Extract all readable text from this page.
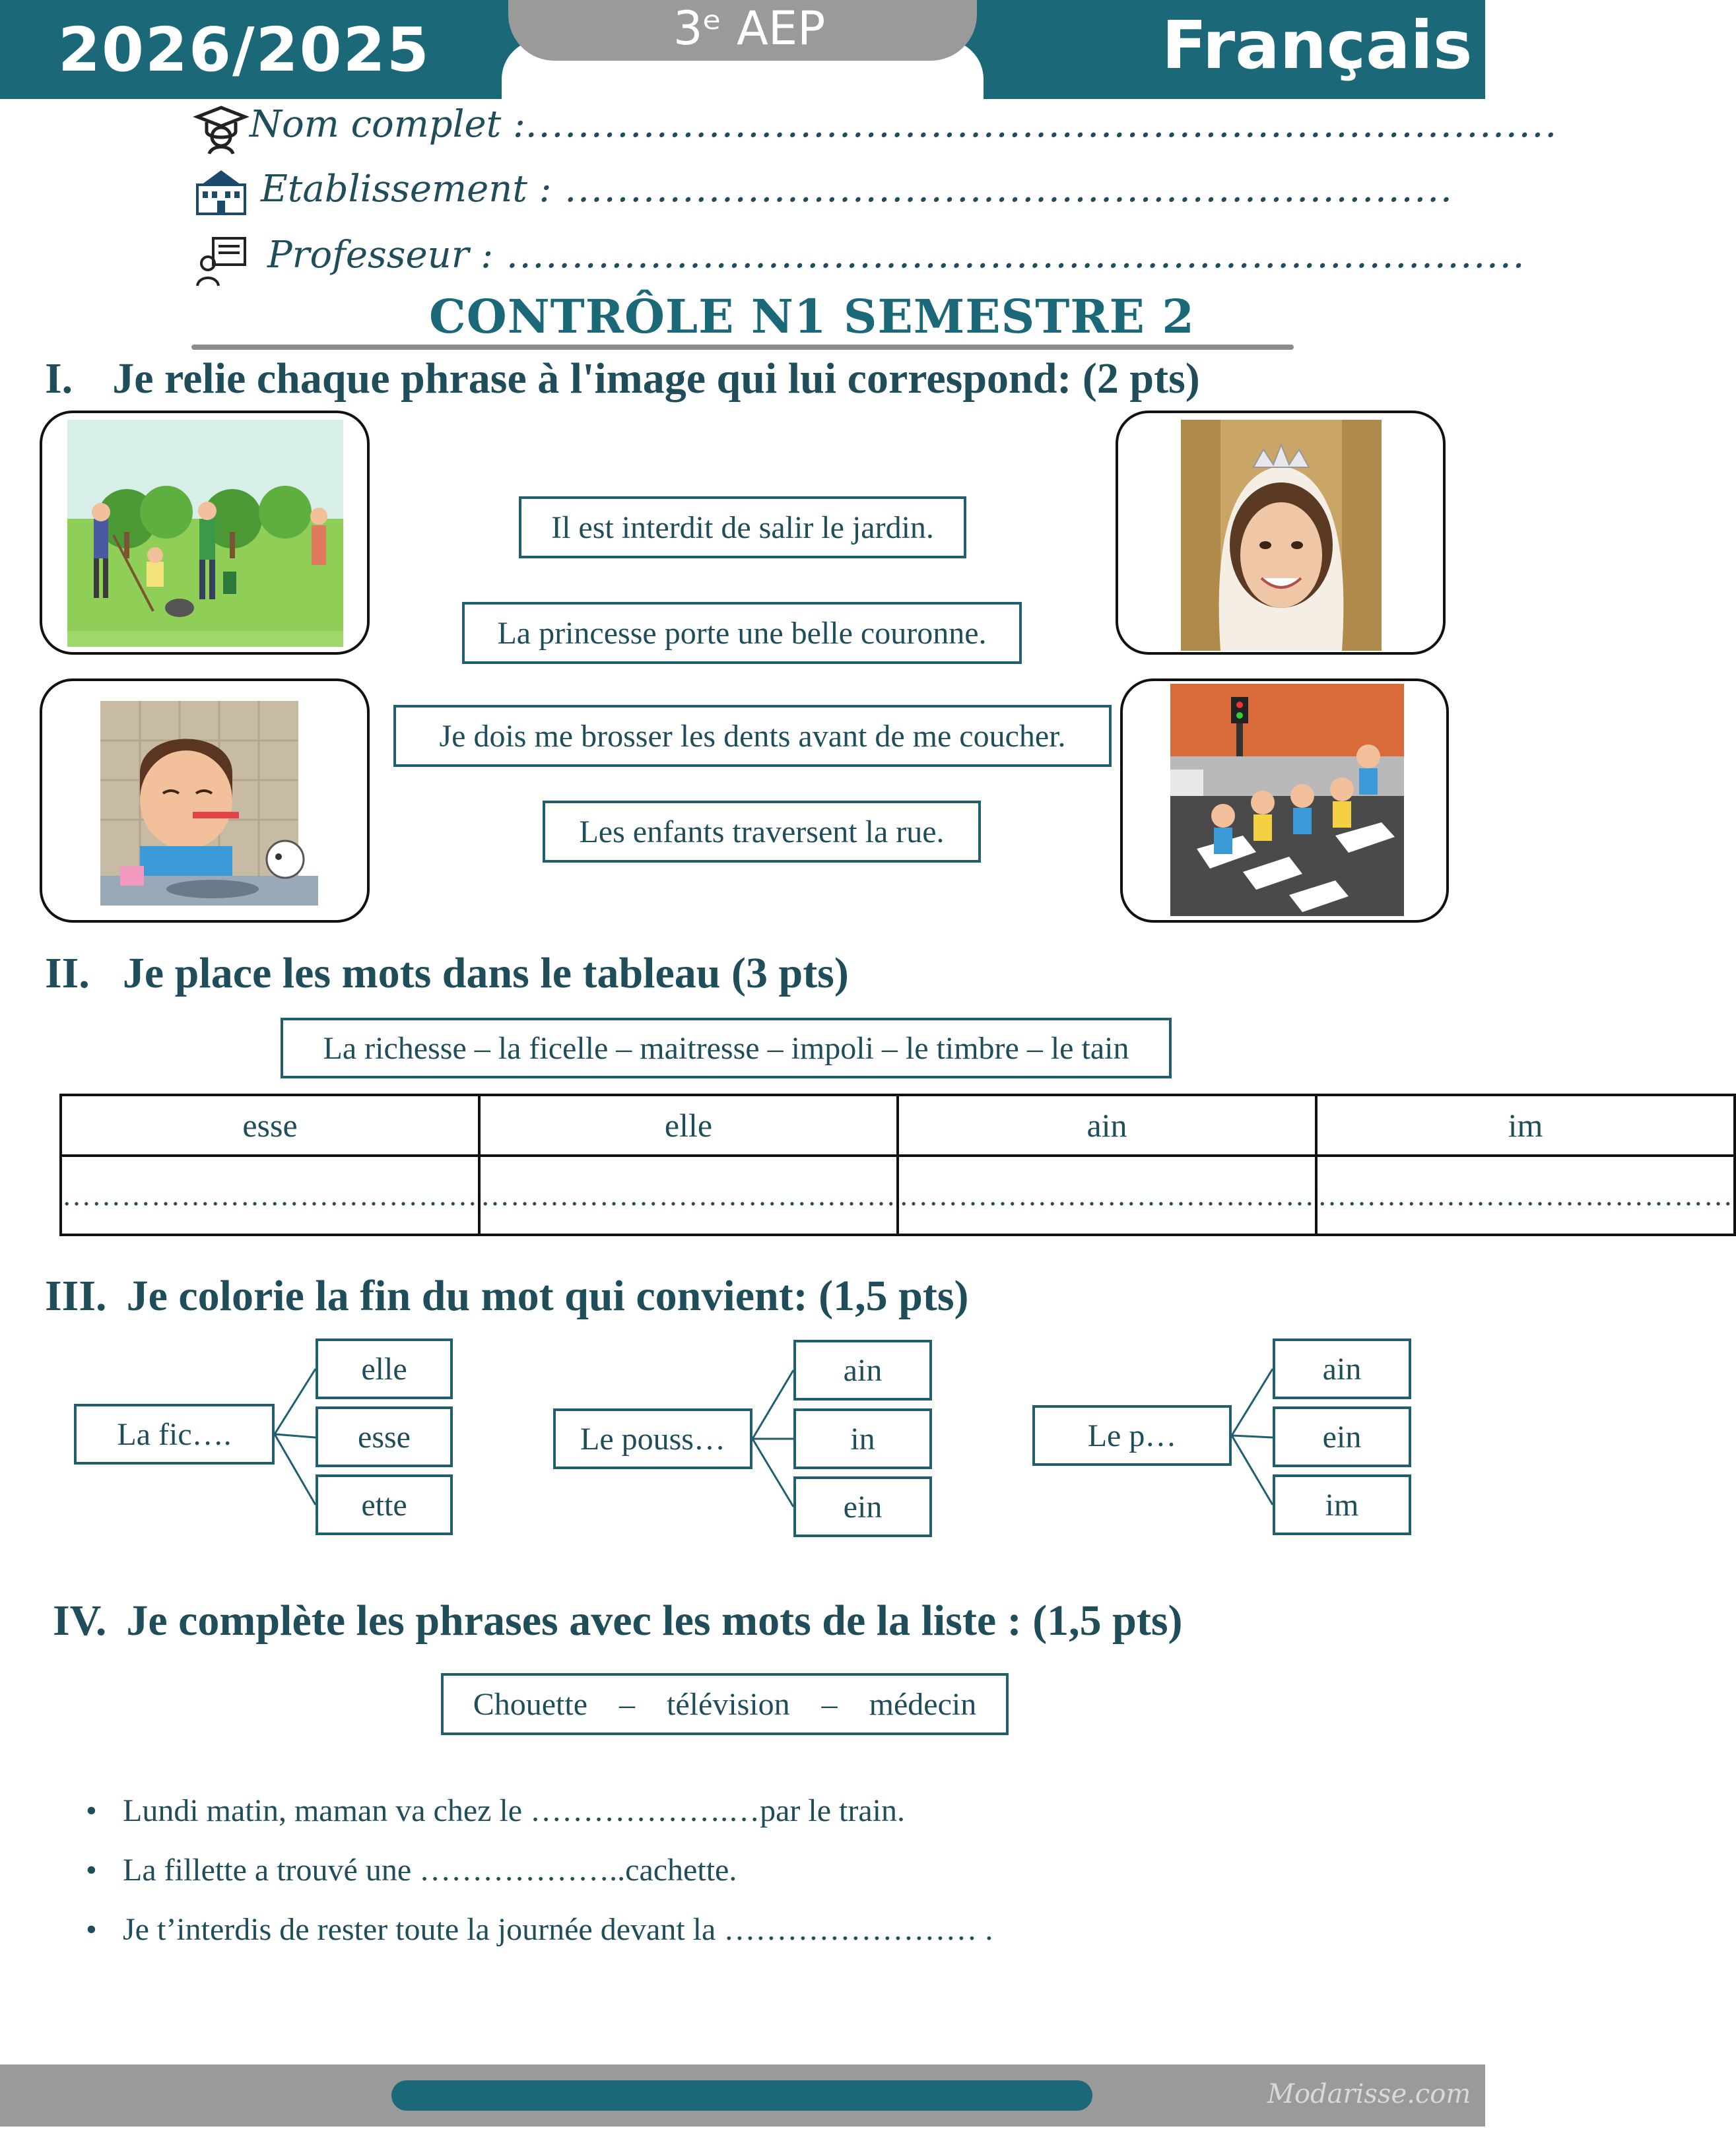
2026/2025	3ᵉ AEP	Français
Nom complet :...............................................................................
Etablissement : ....................................................................
Professeur : ..............................................................................
CONTRÔLE N1 SEMESTRE 2
I. Je relie chaque phrase à l'image qui lui correspond: (2 pts)
Il est interdit de salir le jardin.
La princesse porte une belle couronne.
Je dois me brosser les dents avant de me coucher.
Les enfants traversent la rue.
II. Je place les mots dans le tableau (3 pts)
La richesse – la ficelle – maitresse – impoli – le timbre – le tain
esse	elle	ain	im
……………………………………	……………………………………	……………………………………	……………………………………
III. Je colorie la fin du mot qui convient: (1,5 pts)
La fic….
elle
esse
ette
Le pouss…
ain
in
ein
Le p…
ain
ein
im
IV. Je complète les phrases avec les mots de la liste : (1,5 pts)
Chouette    –    télévision    –    médecin
• Lundi matin, maman va chez le ……………….…par le train.
• La fillette a trouvé une ………………..cachette.
• Je t’interdis de rester toute la journée devant la …………………… .
Modarisse.com
